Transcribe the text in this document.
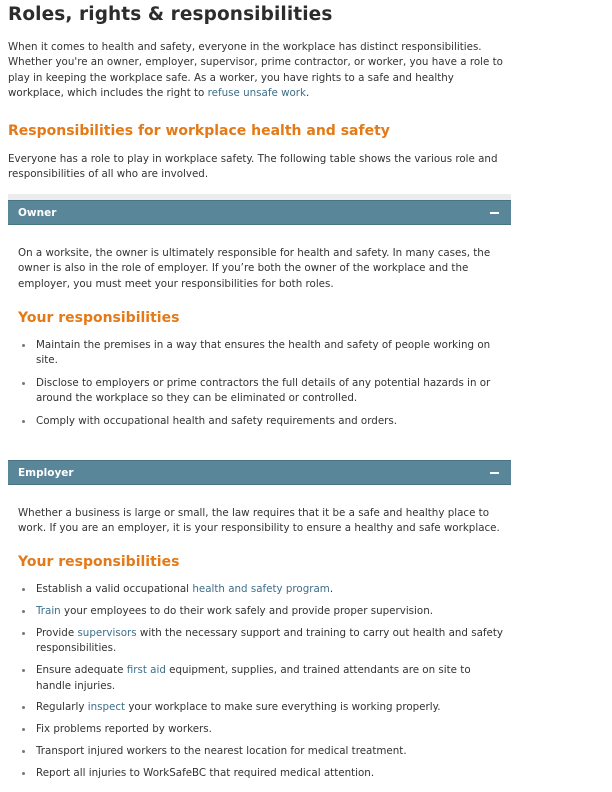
Roles, rights & responsibilities

When it comes to health and safety, everyone in the workplace has distinct responsibilities. Whether you're an owner, employer, supervisor, prime contractor, or worker, you have a role to play in keeping the workplace safe. As a worker, you have rights to a safe and healthy workplace, which includes the right to refuse unsafe work.

Responsibilities for workplace health and safety

Everyone has a role to play in workplace safety. The following table shows the various role and responsibilities of all who are involved.

Owner

On a worksite, the owner is ultimately responsible for health and safety. In many cases, the owner is also in the role of employer. If you’re both the owner of the workplace and the employer, you must meet your responsibilities for both roles.

Your responsibilities
Maintain the premises in a way that ensures the health and safety of people working on site.
Disclose to employers or prime contractors the full details of any potential hazards in or around the workplace so they can be eliminated or controlled.
Comply with occupational health and safety requirements and orders.
Employer

Whether a business is large or small, the law requires that it be a safe and healthy place to work. If you are an employer, it is your responsibility to ensure a healthy and safe workplace.

Your responsibilities
Establish a valid occupational health and safety program.
Train your employees to do their work safely and provide proper supervision.
Provide supervisors with the necessary support and training to carry out health and safety responsibilities.
Ensure adequate first aid equipment, supplies, and trained attendants are on site to handle injuries.
Regularly inspect your workplace to make sure everything is working properly.
Fix problems reported by workers.
Transport injured workers to the nearest location for medical treatment.
Report all injuries to WorkSafeBC that required medical attention.
